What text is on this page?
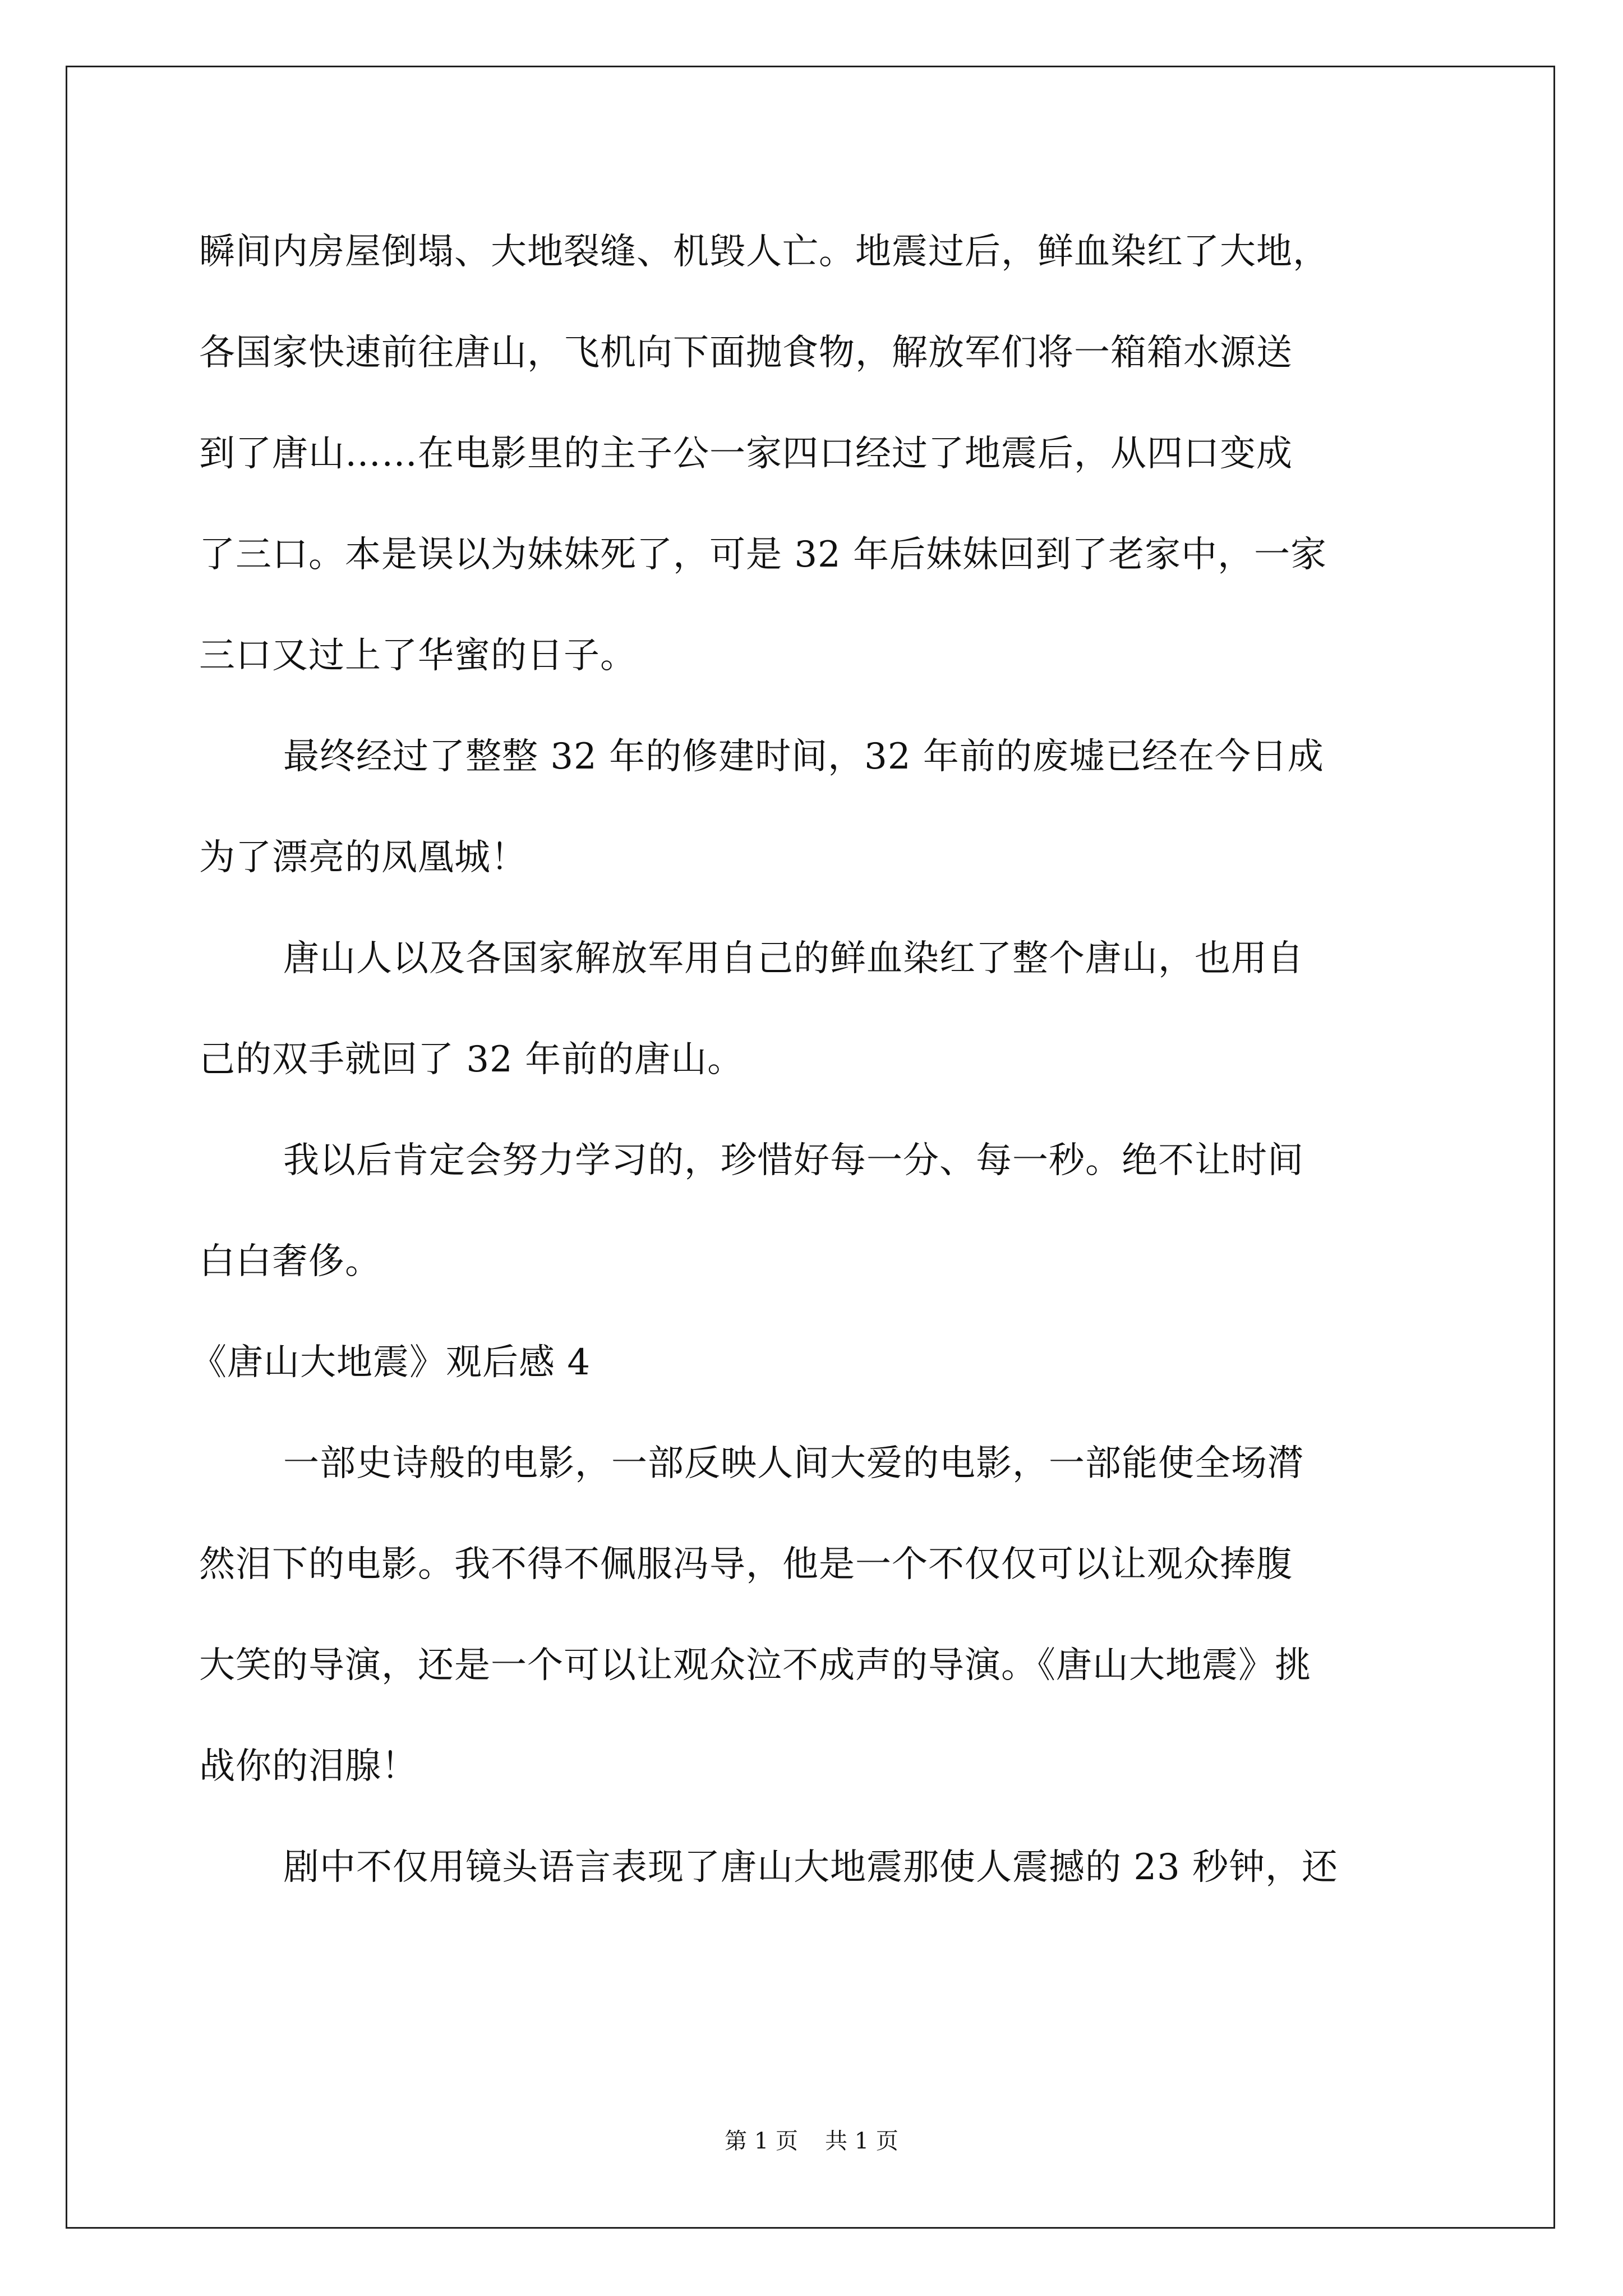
瞬间内房屋倒塌、大地裂缝、机毁人亡。地震过后，鲜血染红了大地，
各国家快速前往唐山，飞机向下面抛食物，解放军们将一箱箱水源送
到了唐山……在电影里的主子公一家四口经过了地震后，从四口变成
了三口。本是误以为妹妹死了，可是 32 年后妹妹回到了老家中，一家
三口又过上了华蜜的日子。
最终经过了整整 32 年的修建时间，32 年前的废墟已经在今日成
为了漂亮的凤凰城！
唐山人以及各国家解放军用自己的鲜血染红了整个唐山，也用自
己的双手就回了 32 年前的唐山。
我以后肯定会努力学习的，珍惜好每一分、每一秒。绝不让时间
白白奢侈。
《唐山大地震》观后感 4
一部史诗般的电影，一部反映人间大爱的电影，一部能使全场潸
然泪下的电影。我不得不佩服冯导，他是一个不仅仅可以让观众捧腹
大笑的导演，还是一个可以让观众泣不成声的导演。《唐山大地震》挑
战你的泪腺！
剧中不仅用镜头语言表现了唐山大地震那使人震撼的 23 秒钟，还
第 1 页 共 1 页
